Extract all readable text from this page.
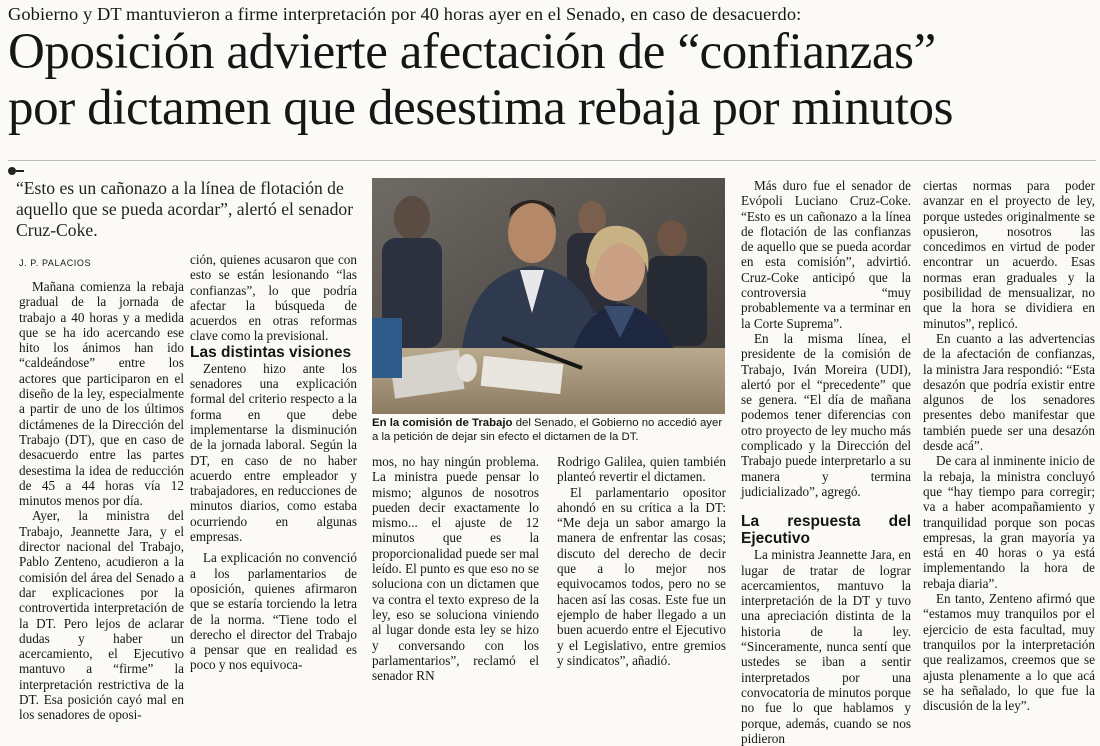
Gobierno y DT mantuvieron a firme interpretación por 40 horas ayer en el Senado, en caso de desacuerdo:
Oposición advierte afectación de “confianzas”
por dictamen que desestima rebaja por minutos
“Esto es un cañonazo a la línea de flotación de aquello que se pueda acordar”, alertó el senador Cruz-Coke.
J. P. PALACIOS

Mañana comienza la rebaja gradual de la jornada de trabajo a 40 horas y a medida que se ha ido acercando ese hito los ánimos han ido “caldeándose” entre los actores que participaron en el diseño de la ley, especialmente a partir de uno de los últimos dictámenes de la Dirección del Trabajo (DT), que en caso de desacuerdo entre las partes desestima la idea de reducción de 45 a 44 horas vía 12 minutos menos por día.

Ayer, la ministra del Trabajo, Jeannette Jara, y el director nacional del Trabajo, Pablo Zenteno, acudieron a la comisión del área del Senado a dar explicaciones por la controvertida interpretación de la DT. Pero lejos de aclarar dudas y haber un acercamiento, el Ejecutivo mantuvo a “firme” la interpretación restrictiva de la DT. Esa posición cayó mal en los senadores de oposi-

ción, quienes acusaron que con esto se están lesionando “las confianzas”, lo que podría afectar la búsqueda de acuerdos en otras reformas clave como la previsional.

Las distintas visiones

Zenteno hizo ante los senadores una explicación formal del criterio respecto a la forma en que debe implementarse la disminución de la jornada laboral. Según la DT, en caso de no haber acuerdo entre empleador y trabajadores, en reducciones de minutos diarios, como estaba ocurriendo en algunas empresas.

La explicación no convenció a los parlamentarios de oposición, quienes afirmaron que se estaría torciendo la letra de la norma. “Tiene todo el derecho el director del Trabajo a pensar que en realidad es poco y nos equivoca-

En la comisión de Trabajo del Senado, el Gobierno no accedió ayer a la petición de dejar sin efecto el dictamen de la DT.

mos, no hay ningún problema. La ministra puede pensar lo mismo; algunos de nosotros pueden decir exactamente lo mismo... el ajuste de 12 minutos que es la proporcionalidad puede ser mal leído. El punto es que eso no se soluciona con un dictamen que va contra el texto expreso de la ley, eso se soluciona viniendo al lugar donde esta ley se hizo y conversando con los parlamentarios”, reclamó el senador RN

Rodrigo Galilea, quien también planteó revertir el dictamen.

El parlamentario opositor ahondó en su crítica a la DT: “Me deja un sabor amargo la manera de enfrentar las cosas; discuto del derecho de decir que a lo mejor nos equivocamos todos, pero no se hacen así las cosas. Este fue un ejemplo de haber llegado a un buen acuerdo entre el Ejecutivo y el Legislativo, entre gremios y sindicatos”, añadió.

Más duro fue el senador de Evópoli Luciano Cruz-Coke. “Esto es un cañonazo a la línea de flotación de las confianzas de aquello que se pueda acordar en esta comisión”, advirtió. Cruz-Coke anticipó que la controversia “muy probablemente va a terminar en la Corte Suprema”.

En la misma línea, el presidente de la comisión de Trabajo, Iván Moreira (UDI), alertó por el “precedente” que se genera. “El día de mañana podemos tener diferencias con otro proyecto de ley mucho más complicado y la Dirección del Trabajo puede interpretarlo a su manera y termina judicializado”, agregó.

La respuesta del Ejecutivo

La ministra Jeannette Jara, en lugar de tratar de lograr acercamientos, mantuvo la interpretación de la DT y tuvo una apreciación distinta de la historia de la ley. “Sinceramente, nunca sentí que ustedes se iban a sentir interpretados por una convocatoria de minutos porque no fue lo que hablamos y porque, además, cuando se nos pidieron

ciertas normas para poder avanzar en el proyecto de ley, porque ustedes originalmente se opusieron, nosotros las concedimos en virtud de poder encontrar un acuerdo. Esas normas eran graduales y la posibilidad de mensualizar, no que la hora se dividiera en minutos”, replicó.

En cuanto a las advertencias de la afectación de confianzas, la ministra Jara respondió: “Esta desazón que podría existir entre algunos de los senadores presentes debo manifestar que también puede ser una desazón desde acá”.

De cara al inminente inicio de la rebaja, la ministra concluyó que “hay tiempo para corregir; va a haber acompañamiento y tranquilidad porque son pocas empresas, la gran mayoría ya está en 40 horas o ya está implementando la hora de rebaja diaria”.

En tanto, Zenteno afirmó que “estamos muy tranquilos por el ejercicio de esta facultad, muy tranquilos por la interpretación que realizamos, creemos que se ajusta plenamente a lo que acá se ha señalado, lo que fue la discusión de la ley”.
